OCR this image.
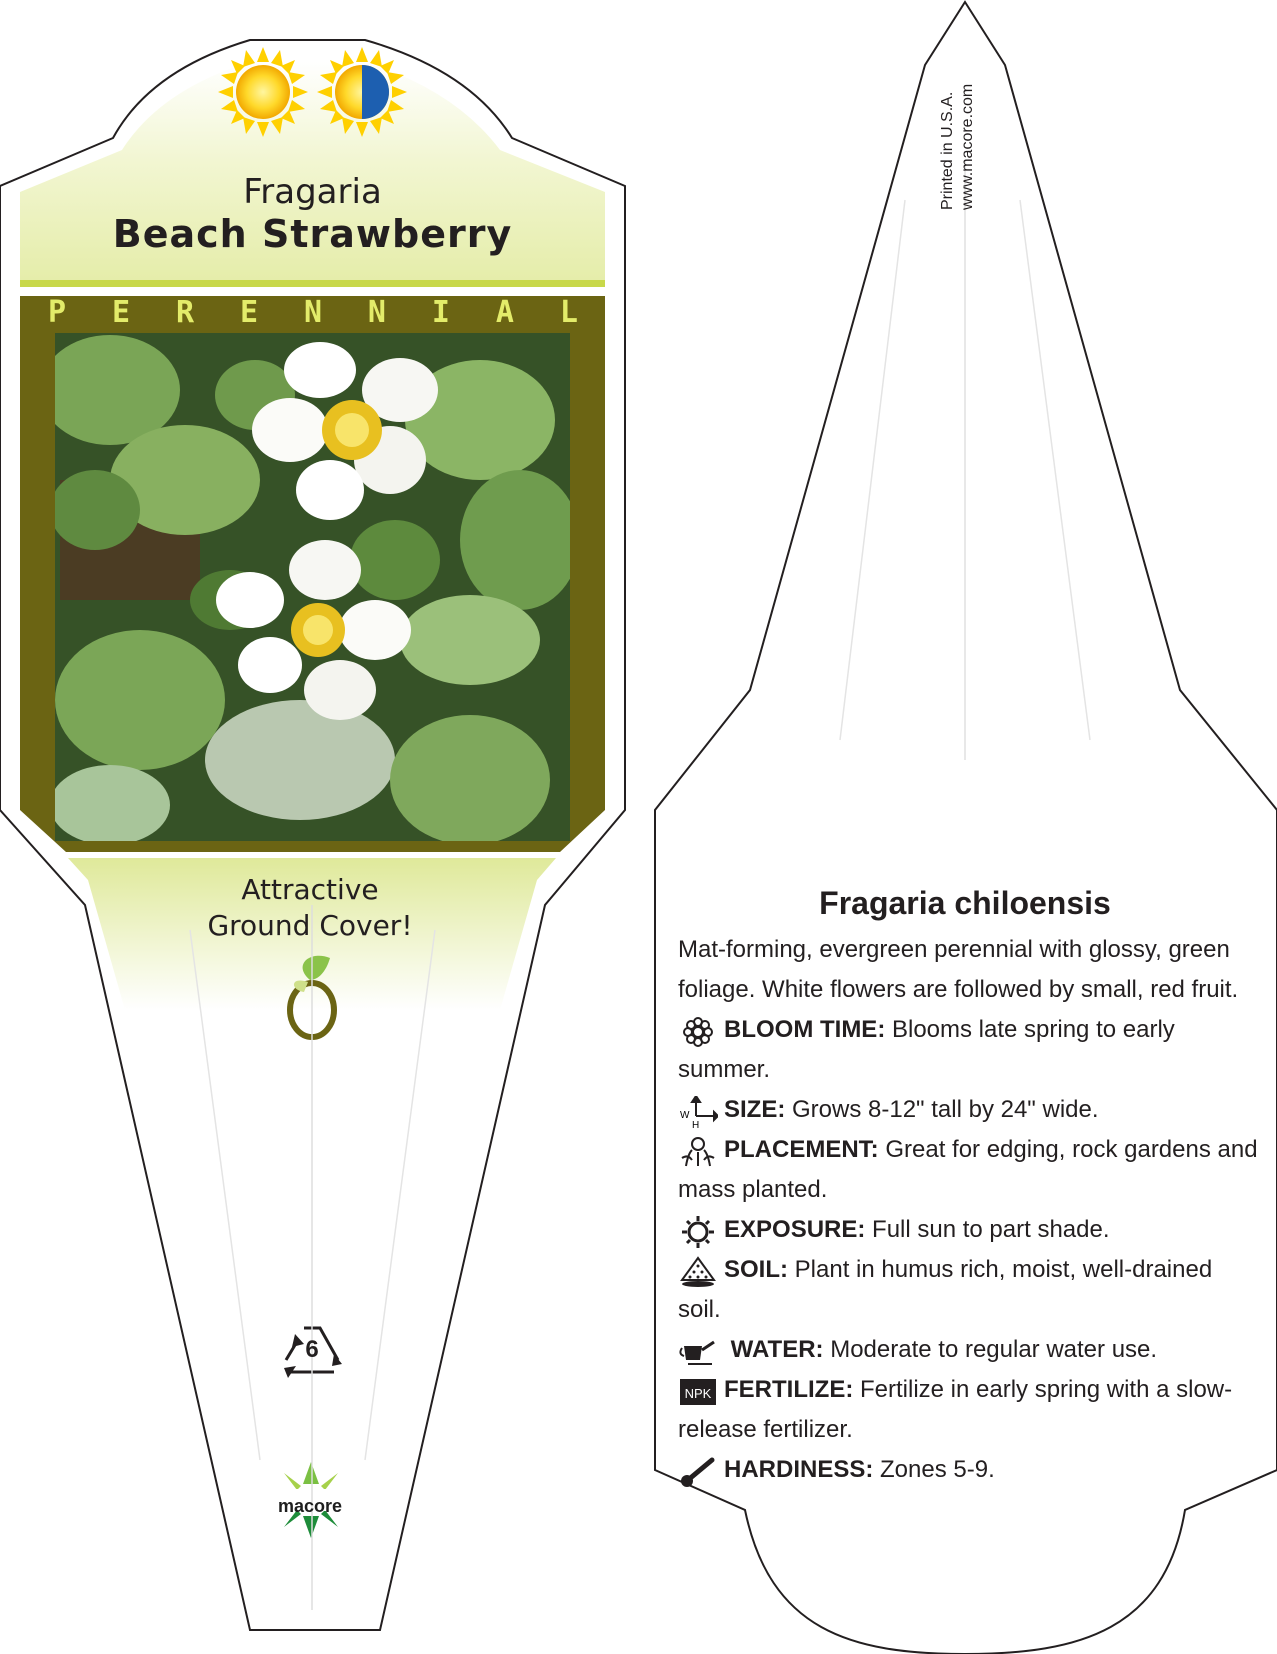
Fragaria
Beach Strawberry
P E R E N N I A L
Attractive
Ground Cover!
6
macore
Printed in U.S.A. www.macore.com
Fragaria chiloensis
Mat-forming, evergreen perennial with glossy, green foliage. White flowers are followed by small, red fruit.
BLOOM TIME: Blooms late spring to early summer.
W
H
SIZE: Grows 8-12" tall by 24" wide.
PLACEMENT: Great for edging, rock gardens and mass planted.
EXPOSURE: Full sun to part shade.
SOIL: Plant in humus rich, moist, well-drained soil.
WATER: Moderate to regular water use.
NPK FERTILIZE: Fertilize in early spring with a slow-release fertilizer.
HARDINESS: Zones 5-9.
